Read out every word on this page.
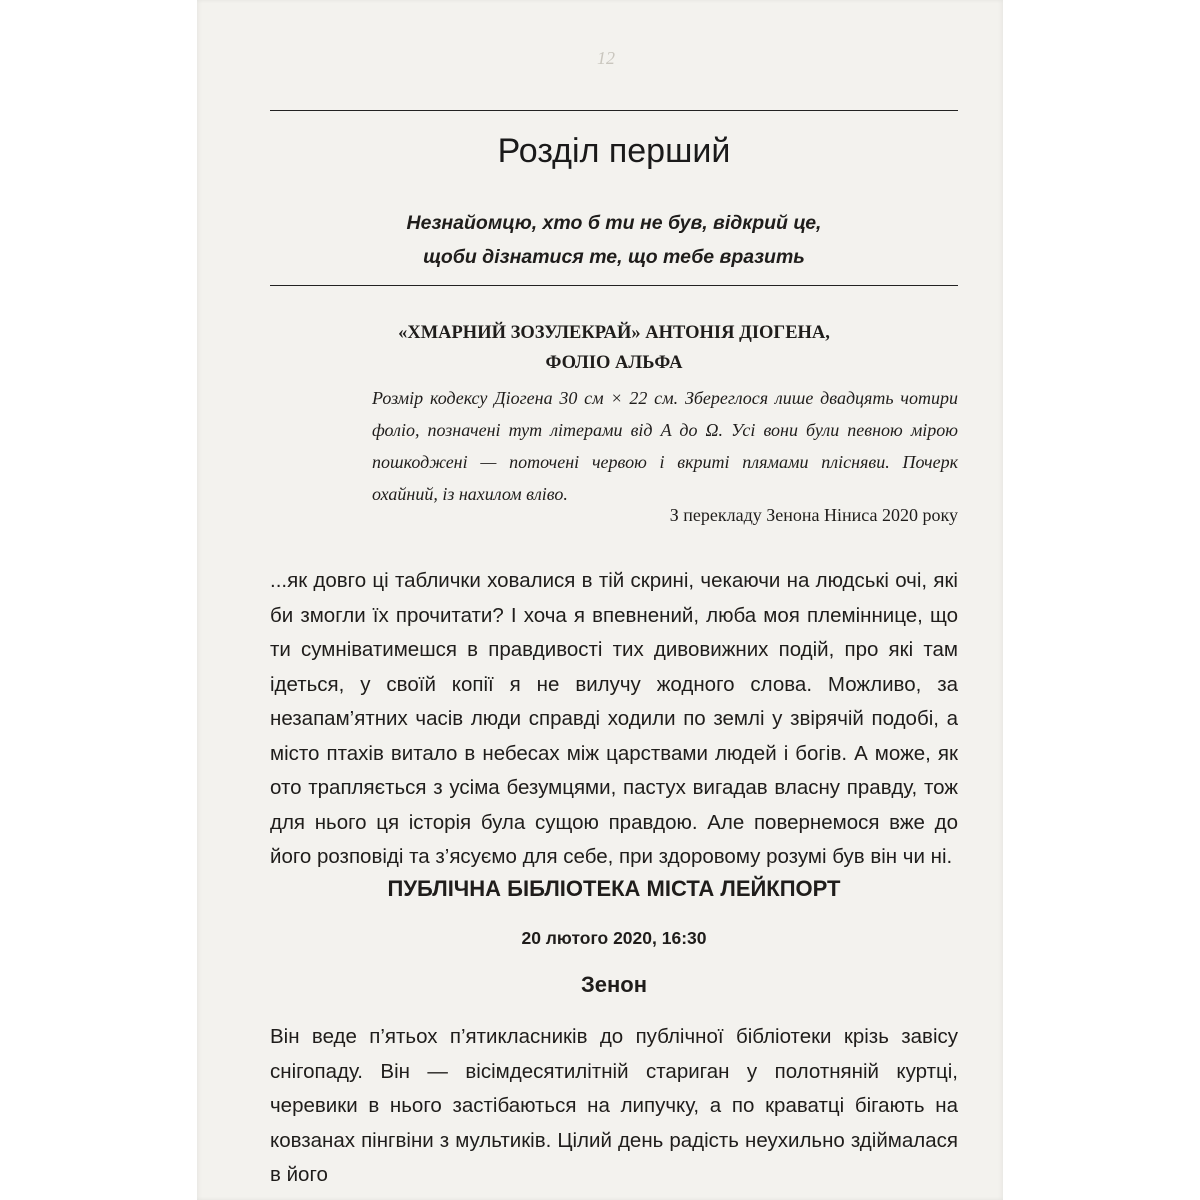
12
Розділ перший
Незнайомцю, хто б ти не був, відкрий це,
щоби дізнатися те, що тебе вразить
«ХМАРНИЙ ЗОЗУЛЕКРАЙ» АНТОНІЯ ДІОГЕНА,
ФОЛІО АЛЬФА
Розмір кодексу Діогена 30 см × 22 см. Збереглося лише двадцять чотири фоліо, позначені тут літерами від Α до Ω. Усі вони були певною мірою пошкоджені — поточені червою і вкриті плямами плісняви. Почерк охайний, із нахилом вліво.
З перекладу Зенона Ніниса 2020 року
...як довго ці таблички ховалися в тій скрині, чекаючи на людські очі, які би змогли їх прочитати? І хоча я впевнений, люба моя племіннице, що ти сумніватимешся в правдивості тих дивовижних подій, про які там ідеться, у своїй копії я не вилучу жодного слова. Можливо, за незапам’ятних часів люди справді ходили по землі у звірячій подобі, а місто птахів витало в небесах між царствами людей і богів. А може, як ото трапляється з усіма безумцями, пастух вигадав власну правду, тож для нього ця історія була сущою правдою. Але повернемося вже до його розповіді та з’ясуємо для себе, при здоровому розумі був він чи ні.
ПУБЛІЧНА БІБЛІОТЕКА МІСТА ЛЕЙКПОРТ
20 лютого 2020, 16:30
Зенон
Він веде п’ятьох п’ятикласників до публічної бібліотеки крізь завісу снігопаду. Він — вісімдесятилітній стариган у полотняній куртці, черевики в нього застібаються на липучку, а по краватці бігають на ковзанах пінгвіни з мультиків. Цілий день радість неухильно здіймалася в його
